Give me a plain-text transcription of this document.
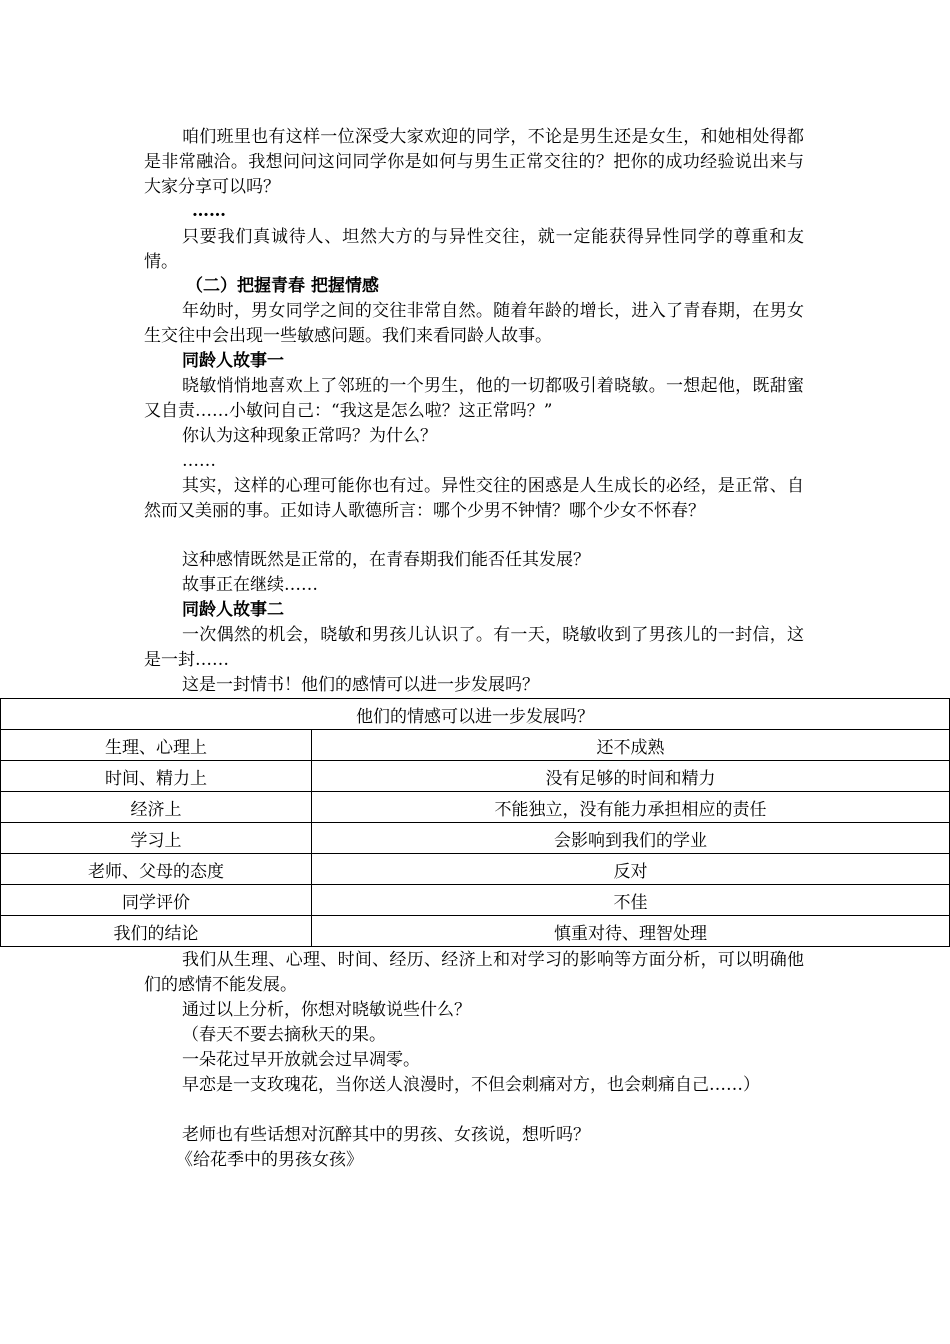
咱们班里也有这样一位深受大家欢迎的同学，不论是男生还是女生，和她相处得都是非常融洽。我想问问这问同学你是如何与男生正常交往的？把你的成功经验说出来与大家分享可以吗？

……

只要我们真诚待人、坦然大方的与异性交往，就一定能获得异性同学的尊重和友情。

（二）把握青春 把握情感

年幼时，男女同学之间的交往非常自然。随着年龄的增长，进入了青春期，在男女生交往中会出现一些敏感问题。我们来看同龄人故事。

同龄人故事一

晓敏悄悄地喜欢上了邻班的一个男生，他的一切都吸引着晓敏。一想起他，既甜蜜又自责……小敏问自己：“我这是怎么啦？这正常吗？”

你认为这种现象正常吗？为什么？
……

其实，这样的心理可能你也有过。异性交往的困惑是人生成长的必经，是正常、自然而又美丽的事。正如诗人歌德所言：哪个少男不钟情？哪个少女不怀春？

这种感情既然是正常的，在青春期我们能否任其发展？
故事正在继续……
同龄人故事二

一次偶然的机会，晓敏和男孩儿认识了。有一天，晓敏收到了男孩儿的一封信，这是一封……

这是一封情书！他们的感情可以进一步发展吗？
他们的情感可以进一步发展吗？	
生理、心理上	还不成熟
时间、精力上	没有足够的时间和精力
经济上	不能独立，没有能力承担相应的责任
学习上	会影响到我们的学业
老师、父母的态度	反对
同学评价	不佳
我们的结论	慎重对待、理智处理

我们从生理、心理、时间、经历、经济上和对学习的影响等方面分析，可以明确他们的感情不能发展。

通过以上分析，你想对晓敏说些什么？
（春天不要去摘秋天的果。
一朵花过早开放就会过早凋零。

早恋是一支玫瑰花，当你送人浪漫时，不但会刺痛对方，也会刺痛自己……）

老师也有些话想对沉醉其中的男孩、女孩说，想听吗？
《给花季中的男孩女孩》
